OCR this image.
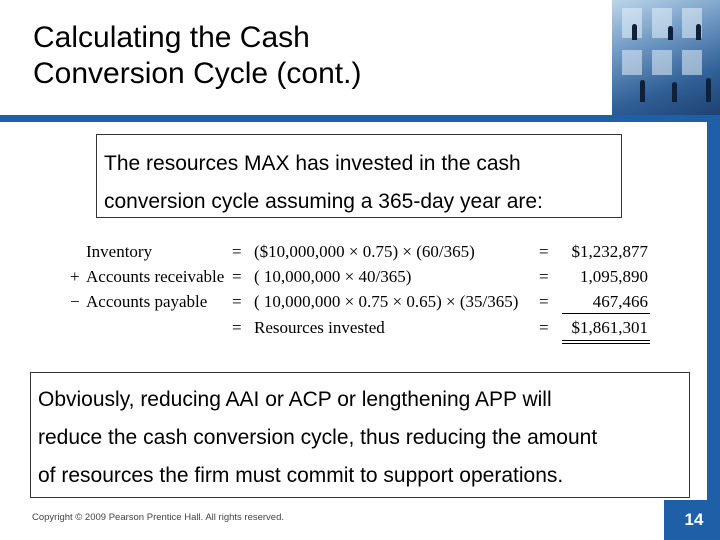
Calculating the Cash
Conversion Cycle (cont.)
The resources MAX has invested in the cash
conversion cycle assuming a 365-day year are:
Inventory	= ($10,000,000 × 0.75) × (60/365)	=	$1,232,877
+ Accounts receivable = ( 10,000,000 × 40/365)	=	1,095,890
− Accounts payable = ( 10,000,000 × 0.75 × 0.65) × (35/365) =	467,466
= Resources invested	=	$1,861,301
Obviously, reducing AAI or ACP or lengthening APP will
reduce the cash conversion cycle, thus reducing the amount
of resources the firm must commit to support operations.
Copyright © 2009 Pearson Prentice Hall. All rights reserved.	14
